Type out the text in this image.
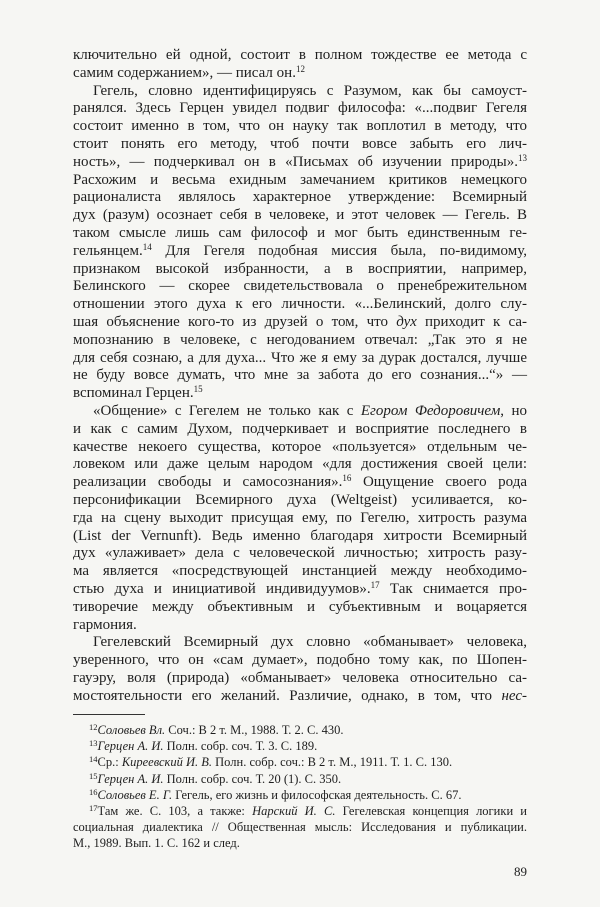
ключительно ей одной, состоит в полном тождестве ее метода с
самим содержанием», — писал он.$^{12}$
Гегель, словно идентифицируясь с Разумом, как бы самоуст-
ранялся. Здесь Герцен увидел подвиг философа: «...подвиг Гегеля
состоит именно в том, что он науку так воплотил в методу, что
стоит понять его методу, чтоб почти вовсе забыть его лич-
ность», — подчеркивал он в «Письмах об изучении природы».$^{13}$
Расхожим и весьма ехидным замечанием критиков немецкого
рационалиста являлось характерное утверждение: Всемирный
дух (разум) осознает себя в человеке, и этот человек — Гегель. В
таком смысле лишь сам философ и мог быть единственным ге-
гельянцем.$^{14}$ Для Гегеля подобная миссия была, по-видимому,
признаком высокой избранности, а в восприятии, например,
Белинского — скорее свидетельствовала о пренебрежительном
отношении этого духа к его личности. «...Белинский, долго слу-
шая объяснение кого-то из друзей о том, что дух приходит к са-
мопознанию в человеке, с негодованием отвечал: „Так это я не
для себя сознаю, а для духа... Что же я ему за дурак достался, лучше
не буду вовсе думать, что мне за забота до его сознания...“» —
вспоминал Герцен.$^{15}$
«Общение» с Гегелем не только как с Егором Федоровичем, но
и как с самим Духом, подчеркивает и восприятие последнего в
качестве некоего существа, которое «пользуется» отдельным че-
ловеком или даже целым народом «для достижения своей цели:
реализации свободы и самосознания».$^{16}$ Ощущение своего рода
персонификации Всемирного духа (Weltgeist) усиливается, ко-
гда на сцену выходит присущая ему, по Гегелю, хитрость разума
(List der Vernunft). Ведь именно благодаря хитрости Всемирный
дух «улаживает» дела с человеческой личностью; хитрость разу-
ма является «посредствующей инстанцией между необходимо-
стью духа и инициативой индивидуумов».$^{17}$ Так снимается про-
тиворечие между объективным и субъективным и воцаряется
гармония.
Гегелевский Всемирный дух словно «обманывает» человека,
уверенного, что он «сам думает», подобно тому как, по Шопен-
гауэру, воля (природа) «обманывает» человека относительно са-
мостоятельности его желаний. Различие, однако, в том, что нес-
$^{12}$Соловьев Вл. Соч.: В 2 т. М., 1988. Т. 2. С. 430.
$^{13}$Герцен А. И. Полн. собр. соч. Т. 3. С. 189.
$^{14}$Ср.: Киреевский И. В. Полн. собр. соч.: В 2 т. М., 1911. Т. 1. С. 130.
$^{15}$Герцен А. И. Полн. собр. соч. Т. 20 (1). С. 350.
$^{16}$Соловьев Е. Г. Гегель, его жизнь и философская деятельность. С. 67.
$^{17}$Там же. С. 103, а также: Нарский И. С. Гегелевская концепция логики и
социальная диалектика // Общественная мысль: Исследования и публикации.
М., 1989. Вып. 1. С. 162 и след.
89
